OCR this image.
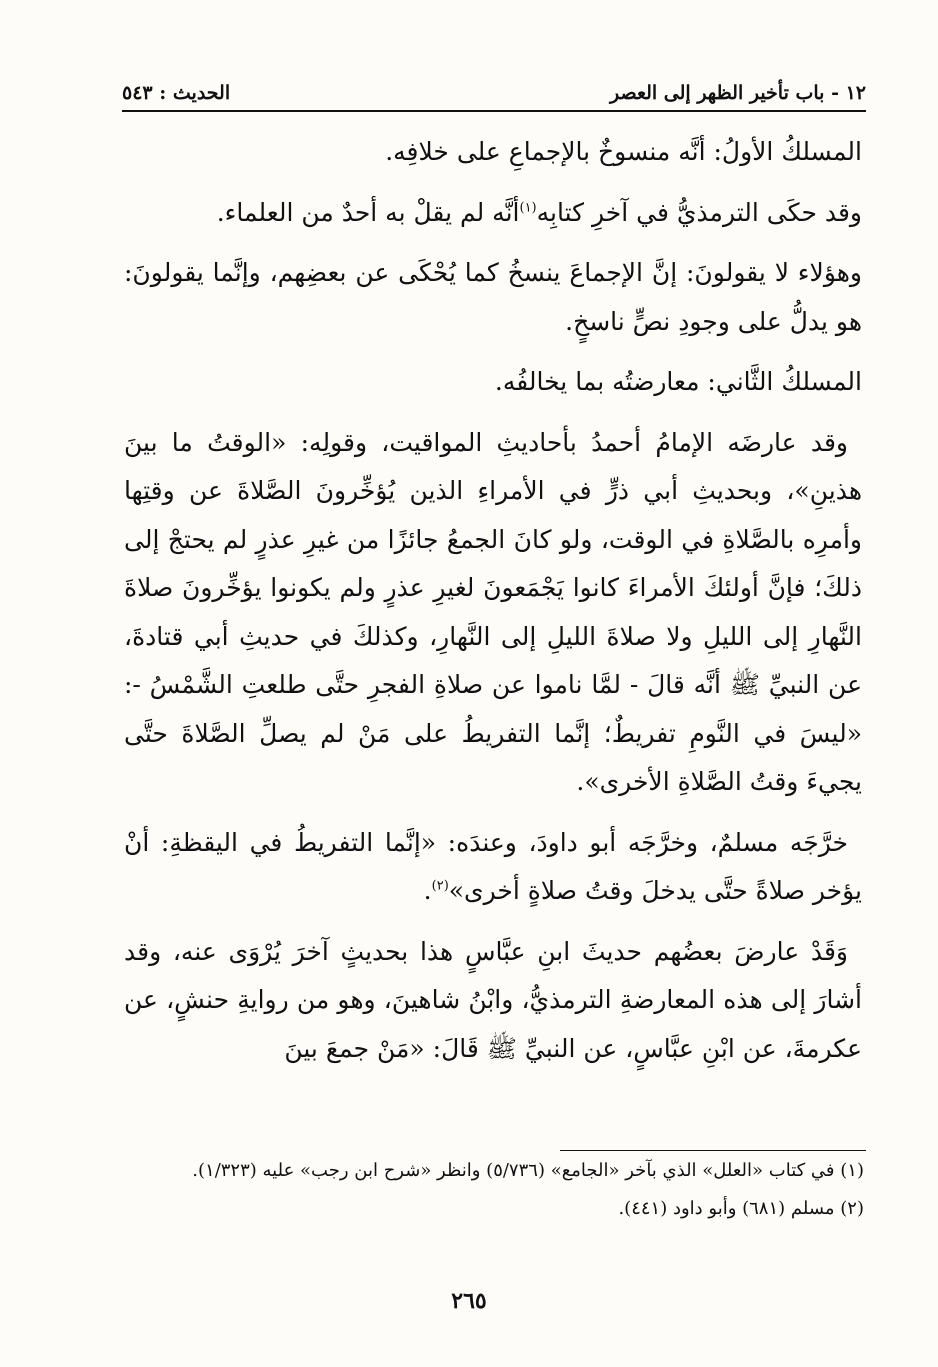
١٢ - باب تأخير الظهر إلى العصر
الحديث : ٥٤٣

المسلكُ الأولُ: أنَّه منسوخٌ بالإجماعِ على خلافِه.

وقد حكَى الترمذيُّ في آخرِ كتابِه$^{(١)}$أنَّه لم يقلْ به أحدٌ من العلماء.

وهؤلاء لا يقولونَ: إنَّ الإجماعَ ينسخُ كما يُحْكَى عن بعضِهم، وإنَّما يقولونَ: هو يدلُّ على وجودِ نصٍّ ناسخٍ.

المسلكُ الثَّاني: معارضتُه بما يخالفُه.

وقد عارضَه الإمامُ أحمدُ بأحاديثِ المواقيت، وقولِه: «الوقتُ ما بينَ هذينِ»، وبحديثِ أبي ذرٍّ في الأمراءِ الذين يُؤخِّرونَ الصَّلاةَ عن وقتِها وأمرِه بالصَّلاةِ في الوقت، ولو كانَ الجمعُ جائزًا من غيرِ عذرٍ لم يحتجْ إلى ذلكَ؛ فإنَّ أولئكَ الأمراءَ كانوا يَجْمَعونَ لغيرِ عذرٍ ولم يكونوا يؤخِّرونَ صلاةَ النَّهارِ إلى الليلِ ولا صلاةَ الليلِ إلى النَّهارِ، وكذلكَ في حديثِ أبي قتادةَ، عن النبيِّ ﷺ أنَّه قالَ - لمَّا ناموا عن صلاةِ الفجرِ حتَّى طلعتِ الشَّمْسُ -: «ليسَ في النَّومِ تفريطٌ؛ إنَّما التفريطُ على مَنْ لم يصلِّ الصَّلاةَ حتَّى يجيءَ وقتُ الصَّلاةِ الأخرى».

خرَّجَه مسلمٌ، وخرَّجَه أبو داودَ، وعندَه: «إنَّما التفريطُ في اليقظةِ: أنْ يؤخر صلاةً حتَّى يدخلَ وقتُ صلاةٍ أخرى»$^{(٢)}$.

وَقَدْ عارضَ بعضُهم حديثَ ابنِ عبَّاسٍ هذا بحديثٍ آخرَ يُرْوَى عنه، وقد أشارَ إلى هذه المعارضةِ الترمذيُّ، وابْنُ شاهينَ، وهو من روايةِ حنشٍ، عن عكرمةَ، عن ابْنِ عبَّاسٍ، عن النبيِّ ﷺ قَالَ: «مَنْ جمعَ بينَ

(١) في كتاب «العلل» الذي بآخر «الجامع» (٥/٧٣٦) وانظر «شرح ابن رجب» عليه (١/٣٢٣).

(٢) مسلم (٦٨١) وأبو داود (٤٤١).

٢٦٥
